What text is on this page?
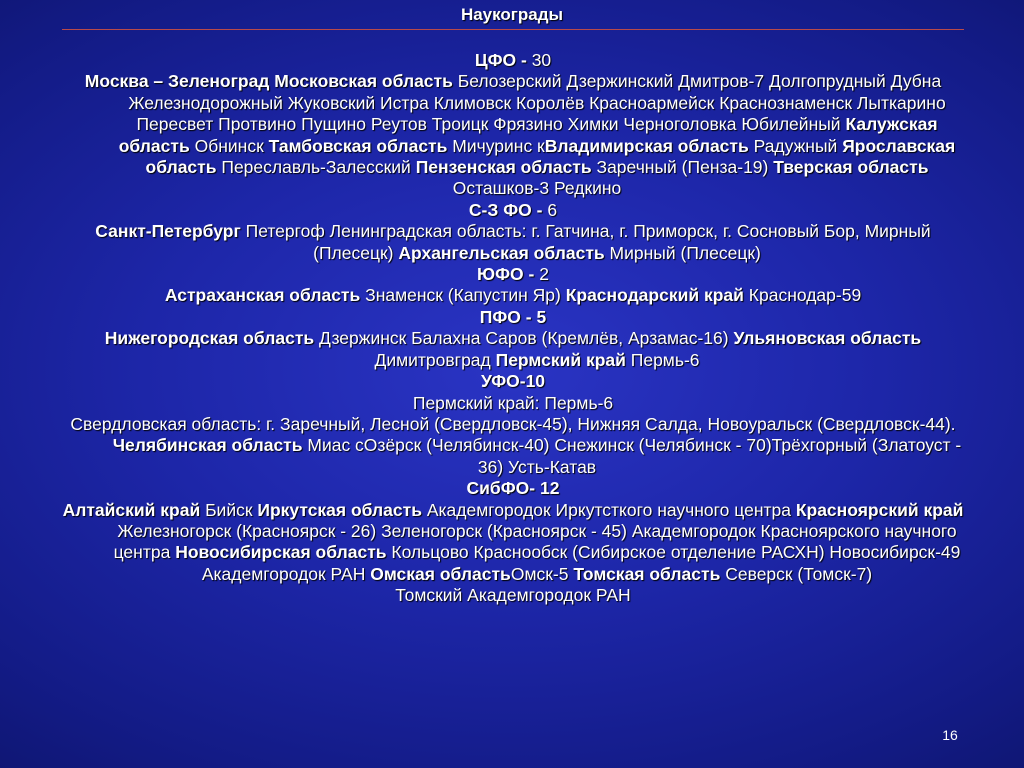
Наукограды

ЦФО - 30

Москва – Зеленоград Московская область Белозерский Дзержинский Дмитров-7 Долгопрудный Дубна Железнодорожный Жуковский Истра Климовск Королёв Красноармейск Краснознаменск Лыткарино Пересвет Протвино Пущино Реутов Троицк Фрязино Химки Черноголовка Юбилейный Калужская область Обнинск Тамбовская область Мичуринс кВладимирская область Радужный Ярославская область Переславль-Залесский Пензенская область Заречный (Пенза-19) Тверская область Осташков-3 Редкино

С-З ФО - 6

Санкт-Петербург Петергоф Ленинградская область: г. Гатчина, г. Приморск, г. Сосновый Бор, Мирный (Плесецк) Архангельская область Мирный (Плесецк)

ЮФО - 2

Астраханская область Знаменск (Капустин Яр) Краснодарский край Краснодар-59

ПФО - 5

Нижегородская область Дзержинск Балахна Саров (Кремлёв, Арзамас-16) Ульяновская область Димитровград Пермский край Пермь-6

УФО-10

Пермский край: Пермь-6

Свердловская область: г. Заречный, Лесной (Свердловск-45), Нижняя Салда, Новоуральск (Свердловск-44). Челябинская область Миас сОзёрск (Челябинск-40) Снежинск (Челябинск - 70)Трёхгорный (Златоуст - 36) Усть-Катав

СибФО- 12

Алтайский край Бийск Иркутская область Академгородок Иркутсткого научного центра Красноярский край Железногорск (Красноярск - 26) Зеленогорск (Красноярск - 45) Академгородок Красноярского научного центра Новосибирская область Кольцово Краснообск (Сибирское отделение РАСХН) Новосибирск-49 Академгородок РАН Омская областьОмск-5 Томская область Северск (Томск-7)

Томский Академгородок РАН

16
